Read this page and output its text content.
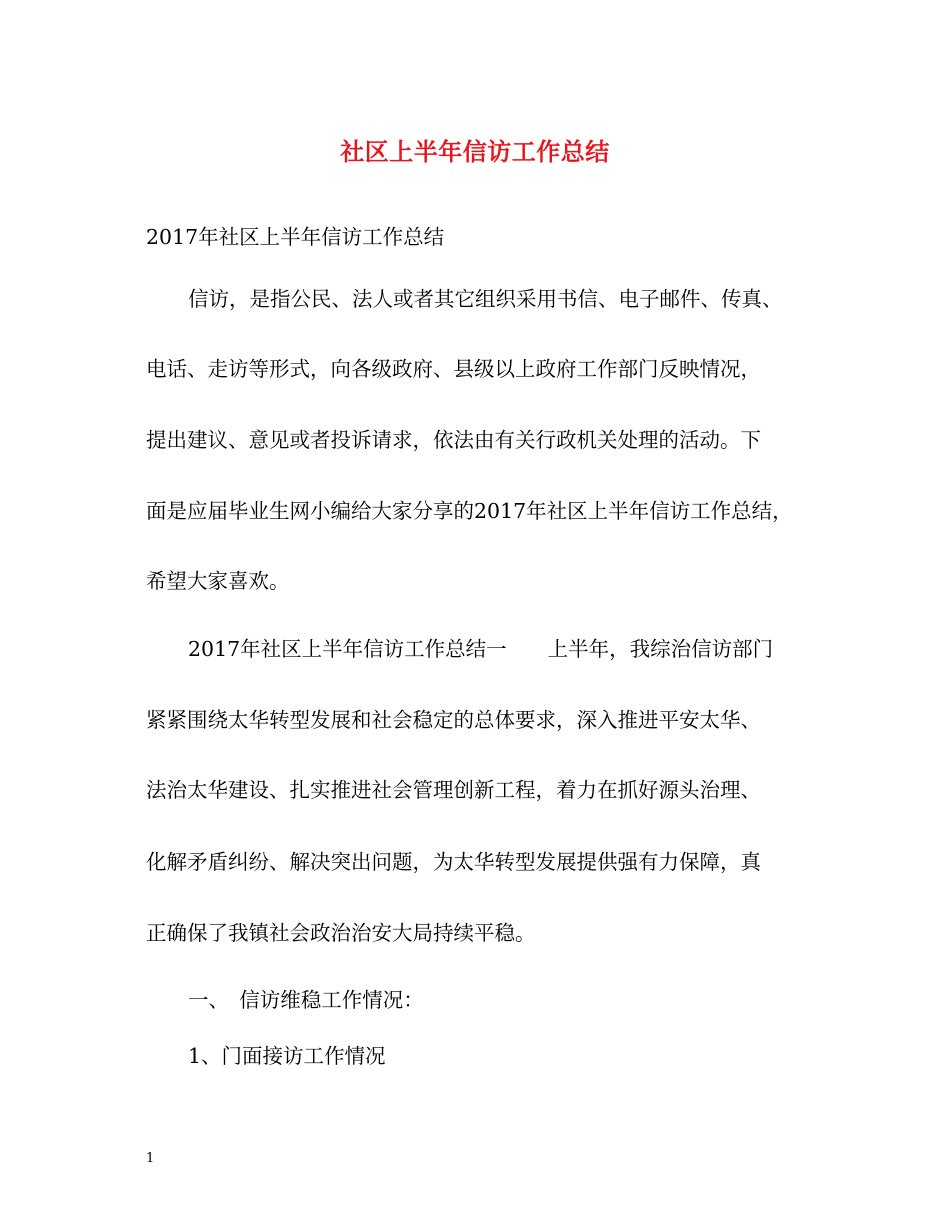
社区上半年信访工作总结
2017年社区上半年信访工作总结
信访，是指公民、法人或者其它组织采用书信、电子邮件、传真、
电话、走访等形式，向各级政府、县级以上政府工作部门反映情况，
提出建议、意见或者投诉请求，依法由有关行政机关处理的活动。下
面是应届毕业生网小编给大家分享的2017年社区上半年信访工作总结，
希望大家喜欢。
2017年社区上半年信访工作总结一　　上半年，我综治信访部门
紧紧围绕太华转型发展和社会稳定的总体要求，深入推进平安太华、
法治太华建设、扎实推进社会管理创新工程，着力在抓好源头治理、
化解矛盾纠纷、解决突出问题，为太华转型发展提供强有力保障，真
正确保了我镇社会政治治安大局持续平稳。
一、　信访维稳工作情况：
1、门面接访工作情况
1
